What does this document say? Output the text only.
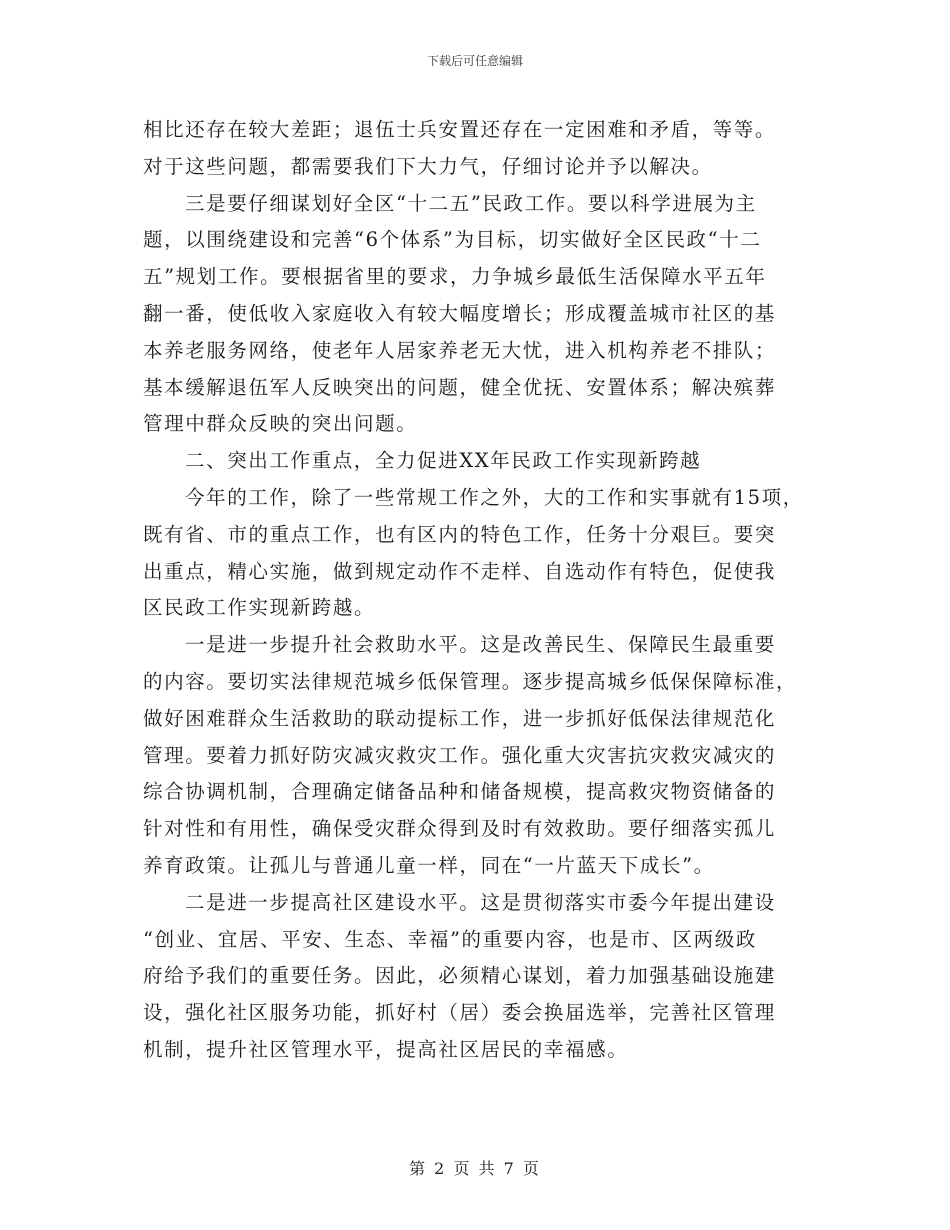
下载后可任意编辑
相比还存在较大差距；退伍士兵安置还存在一定困难和矛盾，等等。
对于这些问题，都需要我们下大力气，仔细讨论并予以解决。
三是要仔细谋划好全区“十二五”民政工作。要以科学进展为主
题，以围绕建设和完善“6个体系”为目标，切实做好全区民政“十二
五”规划工作。要根据省里的要求，力争城乡最低生活保障水平五年
翻一番，使低收入家庭收入有较大幅度增长；形成覆盖城市社区的基
本养老服务网络，使老年人居家养老无大忧，进入机构养老不排队；
基本缓解退伍军人反映突出的问题，健全优抚、安置体系；解决殡葬
管理中群众反映的突出问题。
二、突出工作重点，全力促进XX年民政工作实现新跨越
今年的工作，除了一些常规工作之外，大的工作和实事就有15项，
既有省、市的重点工作，也有区内的特色工作，任务十分艰巨。要突
出重点，精心实施，做到规定动作不走样、自选动作有特色，促使我
区民政工作实现新跨越。
一是进一步提升社会救助水平。这是改善民生、保障民生最重要
的内容。要切实法律规范城乡低保管理。逐步提高城乡低保保障标准，
做好困难群众生活救助的联动提标工作，进一步抓好低保法律规范化
管理。要着力抓好防灾减灾救灾工作。强化重大灾害抗灾救灾减灾的
综合协调机制，合理确定储备品种和储备规模，提高救灾物资储备的
针对性和有用性，确保受灾群众得到及时有效救助。要仔细落实孤儿
养育政策。让孤儿与普通儿童一样，同在“一片蓝天下成长”。
二是进一步提高社区建设水平。这是贯彻落实市委今年提出建设
“创业、宜居、平安、生态、幸福”的重要内容，也是市、区两级政
府给予我们的重要任务。因此，必须精心谋划，着力加强基础设施建
设，强化社区服务功能，抓好村（居）委会换届选举，完善社区管理
机制，提升社区管理水平，提高社区居民的幸福感。
第 2 页 共 7 页
